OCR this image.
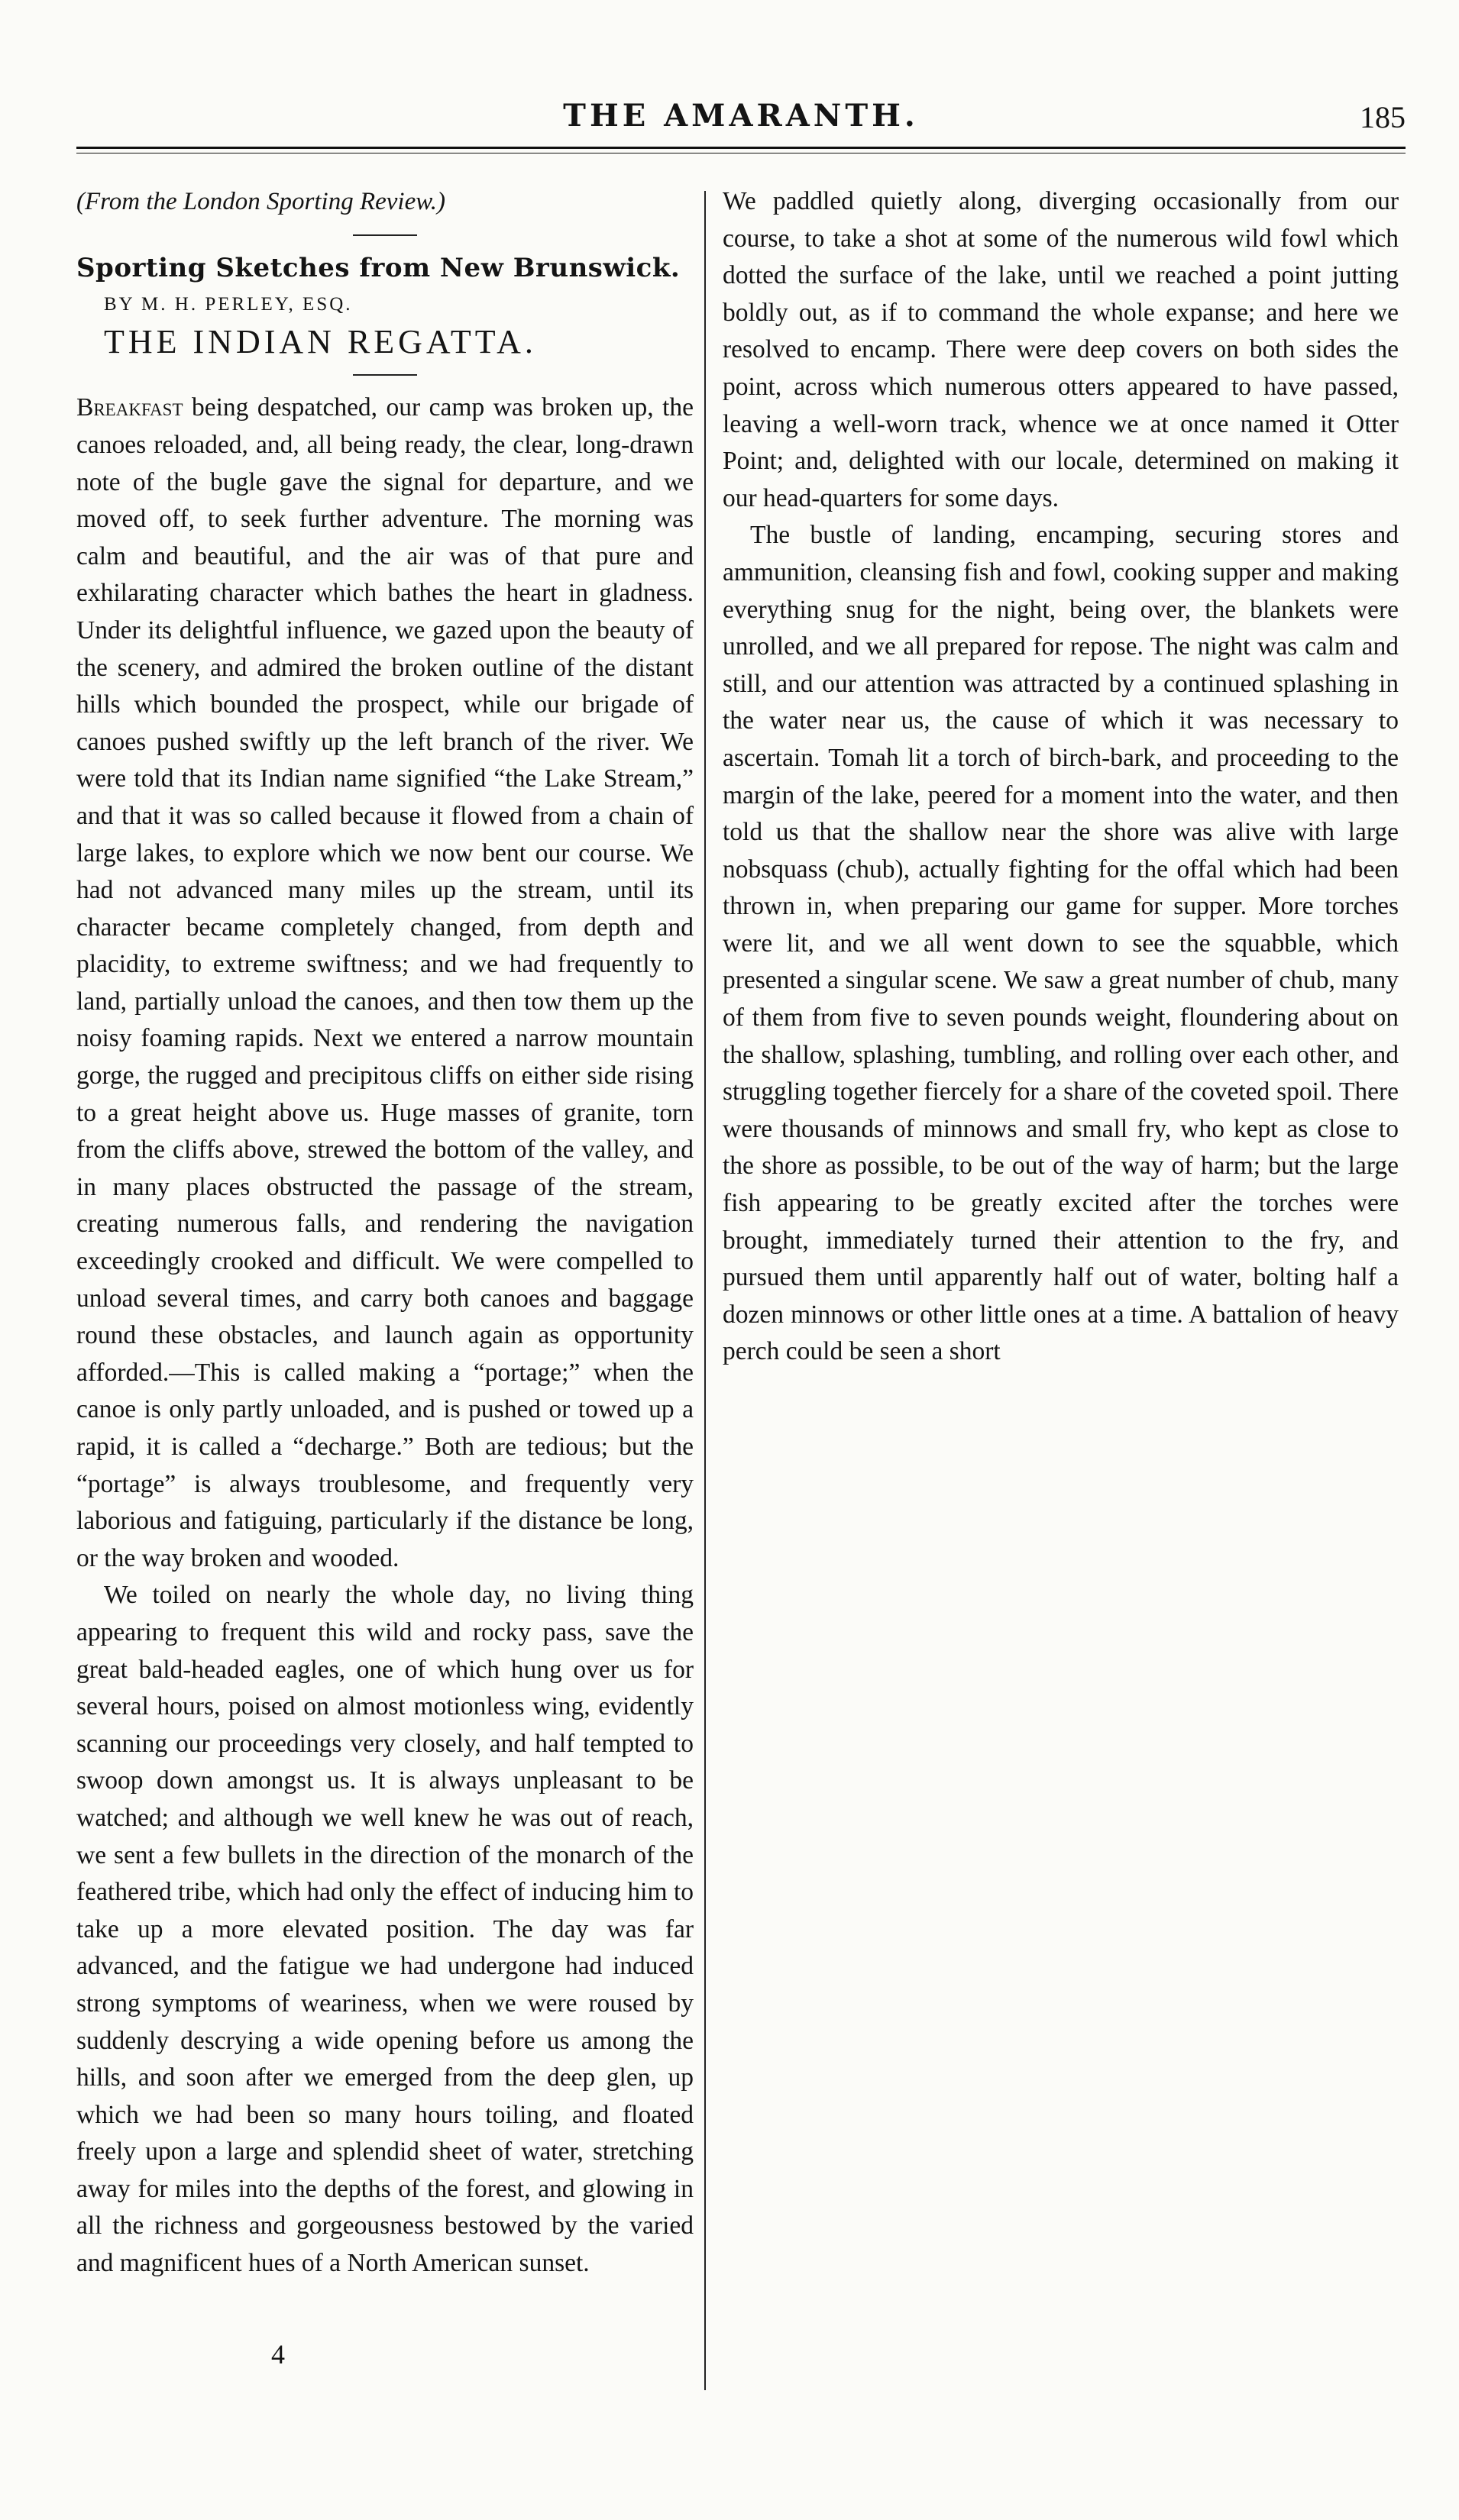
THE AMARANTH.	185

(From the London Sporting Review.)

Sporting Sketches from New Brunswick.

BY M. H. PERLEY, ESQ.

THE INDIAN REGATTA.

Breakfast being despatched, our camp was broken up, the canoes reloaded, and, all being ready, the clear, long-drawn note of the bugle gave the signal for departure, and we moved off, to seek further adventure. The morning was calm and beautiful, and the air was of that pure and exhilarating character which bathes the heart in gladness. Under its delightful influence, we gazed upon the beauty of the scenery, and admired the broken outline of the distant hills which bounded the prospect, while our brigade of canoes pushed swiftly up the left branch of the river. We were told that its Indian name signified “the Lake Stream,” and that it was so called because it flowed from a chain of large lakes, to explore which we now bent our course. We had not advanced many miles up the stream, until its character became completely changed, from depth and placidity, to extreme swiftness; and we had frequently to land, partially unload the canoes, and then tow them up the noisy foaming rapids. Next we entered a narrow mountain gorge, the rugged and precipitous cliffs on either side rising to a great height above us. Huge masses of granite, torn from the cliffs above, strewed the bottom of the valley, and in many places obstructed the passage of the stream, creating numerous falls, and rendering the navigation exceedingly crooked and difficult. We were compelled to unload several times, and carry both canoes and baggage round these obstacles, and launch again as opportunity afforded.—This is called making a “portage;” when the canoe is only partly unloaded, and is pushed or towed up a rapid, it is called a “decharge.” Both are tedious; but the “portage” is always troublesome, and frequently very laborious and fatiguing, particularly if the distance be long, or the way broken and wooded.

We toiled on nearly the whole day, no living thing appearing to frequent this wild and rocky pass, save the great bald-headed eagles, one of which hung over us for several hours, poised on almost motionless wing, evidently scanning our proceedings very closely, and half tempted to swoop down amongst us. It is always unpleasant to be watched; and although we well knew he was out of reach, we sent a few bullets in the direction of the monarch of the feathered tribe, which had only the effect of inducing him to take up a more elevated position. The day was far advanced, and the fatigue we had undergone had induced strong symptoms of weariness, when we were roused by suddenly descrying a wide opening before us among the hills, and soon after we emerged from the deep glen, up which we had been so many hours toiling, and floated freely upon a large and splendid sheet of water, stretching away for miles into the depths of the forest, and glowing in all the richness and gorgeousness bestowed by the varied and magnificent hues of a North American sunset.

We paddled quietly along, diverging occasionally from our course, to take a shot at some of the numerous wild fowl which dotted the surface of the lake, until we reached a point jutting boldly out, as if to command the whole expanse; and here we resolved to encamp. There were deep covers on both sides the point, across which numerous otters appeared to have passed, leaving a well-worn track, whence we at once named it Otter Point; and, delighted with our locale, determined on making it our head-quarters for some days.

The bustle of landing, encamping, securing stores and ammunition, cleansing fish and fowl, cooking supper and making everything snug for the night, being over, the blankets were unrolled, and we all prepared for repose. The night was calm and still, and our attention was attracted by a continued splashing in the water near us, the cause of which it was necessary to ascertain. Tomah lit a torch of birch-bark, and proceeding to the margin of the lake, peered for a moment into the water, and then told us that the shallow near the shore was alive with large nobsquass (chub), actually fighting for the offal which had been thrown in, when preparing our game for supper. More torches were lit, and we all went down to see the squabble, which presented a singular scene. We saw a great number of chub, many of them from five to seven pounds weight, floundering about on the shallow, splashing, tumbling, and rolling over each other, and struggling together fiercely for a share of the coveted spoil. There were thousands of minnows and small fry, who kept as close to the shore as possible, to be out of the way of harm; but the large fish appearing to be greatly excited after the torches were brought, immediately turned their attention to the fry, and pursued them until apparently half out of water, bolting half a dozen minnows or other little ones at a time. A battalion of heavy perch could be seen a short

4
